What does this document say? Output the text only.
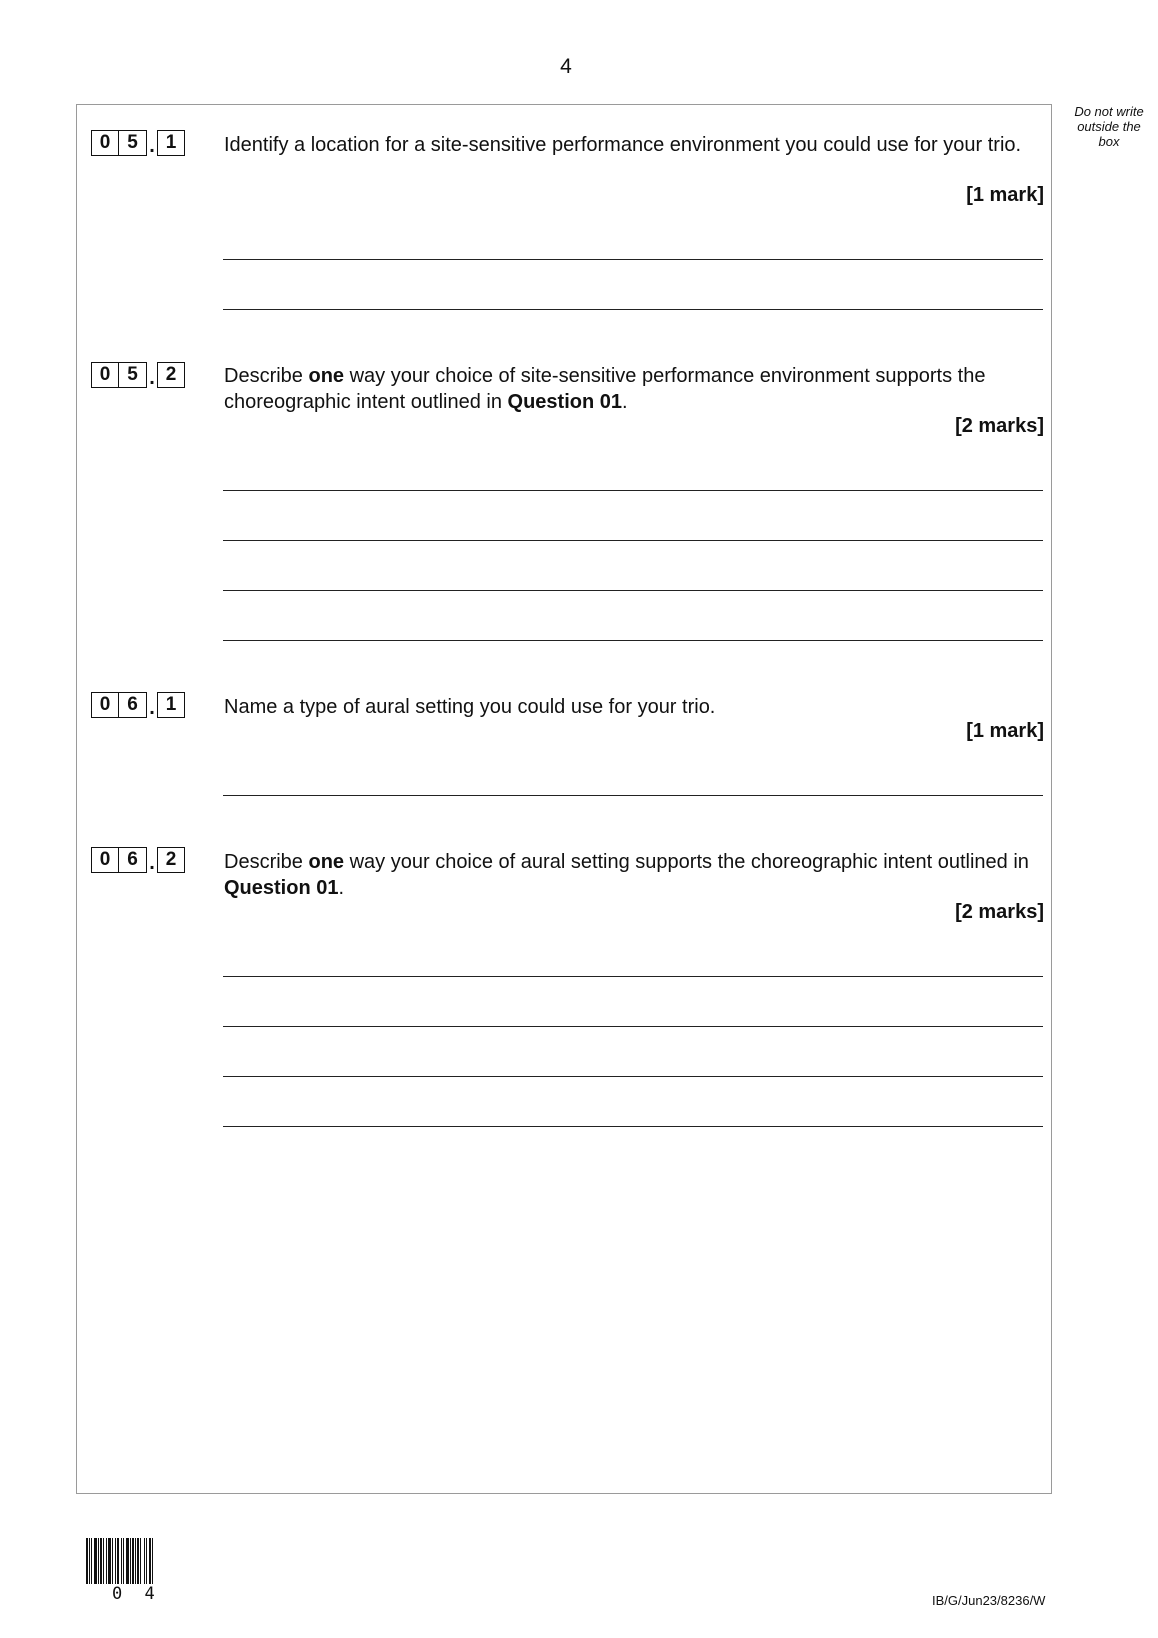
4
Do not write outside the box
0 5 . 1	Identify a location for a site-sensitive performance environment you could use for your trio.
[1 mark]
0 5 . 2	Describe one way your choice of site-sensitive performance environment supports the choreographic intent outlined in Question 01.
[2 marks]
0 6 . 1	Name a type of aural setting you could use for your trio.
[1 mark]
0 6 . 2	Describe one way your choice of aural setting supports the choreographic intent outlined in Question 01.
[2 marks]
0 4	IB/G/Jun23/8236/W
